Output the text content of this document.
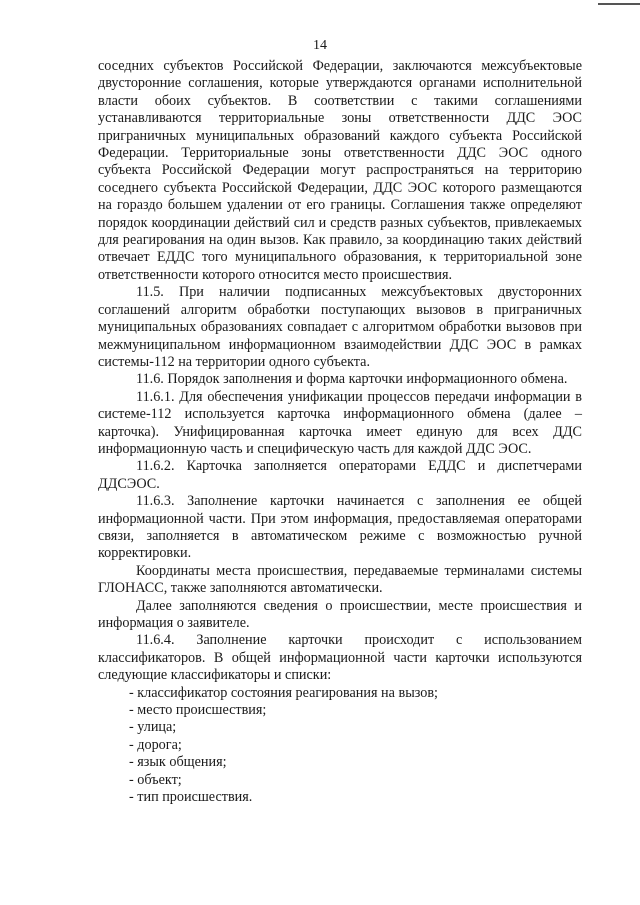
14

соседних субъектов Российской Федерации, заключаются межсубъектовые двусторонние соглашения, которые утверждаются органами исполнительной власти обоих субъектов. В соответствии с такими соглашениями устанавливаются территориальные зоны ответственности ДДС ЭОС приграничных муниципальных образований каждого субъекта Российской Федерации. Территориальные зоны ответственности ДДС ЭОС одного субъекта Российской Федерации могут распространяться на территорию соседнего субъекта Российской Федерации, ДДС ЭОС которого размещаются на гораздо большем удалении от его границы. Соглашения также определяют порядок координации действий сил и средств разных субъектов, привлекаемых для реагирования на один вызов. Как правило, за координацию таких действий отвечает ЕДДС того муниципального образования, к территориальной зоне ответственности которого относится место происшествия.

11.5. При наличии подписанных межсубъектовых двусторонних соглашений алгоритм обработки поступающих вызовов в приграничных муниципальных образованиях совпадает с алгоритмом обработки вызовов при межмуниципальном информационном взаимодействии ДДС ЭОС в рамках системы-112 на территории одного субъекта.

11.6. Порядок заполнения и форма карточки информационного обмена.

11.6.1. Для обеспечения унификации процессов передачи информации в системе-112 используется карточка информационного обмена (далее – карточка). Унифицированная карточка имеет единую для всех ДДС информационную часть и специфическую часть для каждой ДДС ЭОС.

11.6.2. Карточка заполняется операторами ЕДДС и диспетчерами ДДСЭОС.

11.6.3. Заполнение карточки начинается с заполнения ее общей информационной части. При этом информация, предоставляемая операторами связи, заполняется в автоматическом режиме с возможностью ручной корректировки.

Координаты места происшествия, передаваемые терминалами системы ГЛОНАСС, также заполняются автоматически.

Далее заполняются сведения о происшествии, месте происшествия и информация о заявителе.

11.6.4. Заполнение карточки происходит с использованием классификаторов. В общей информационной части карточки используются следующие классификаторы и списки:

- классификатор состояния реагирования на вызов;
- место происшествия;
- улица;
- дорога;
- язык общения;
- объект;
- тип происшествия.
